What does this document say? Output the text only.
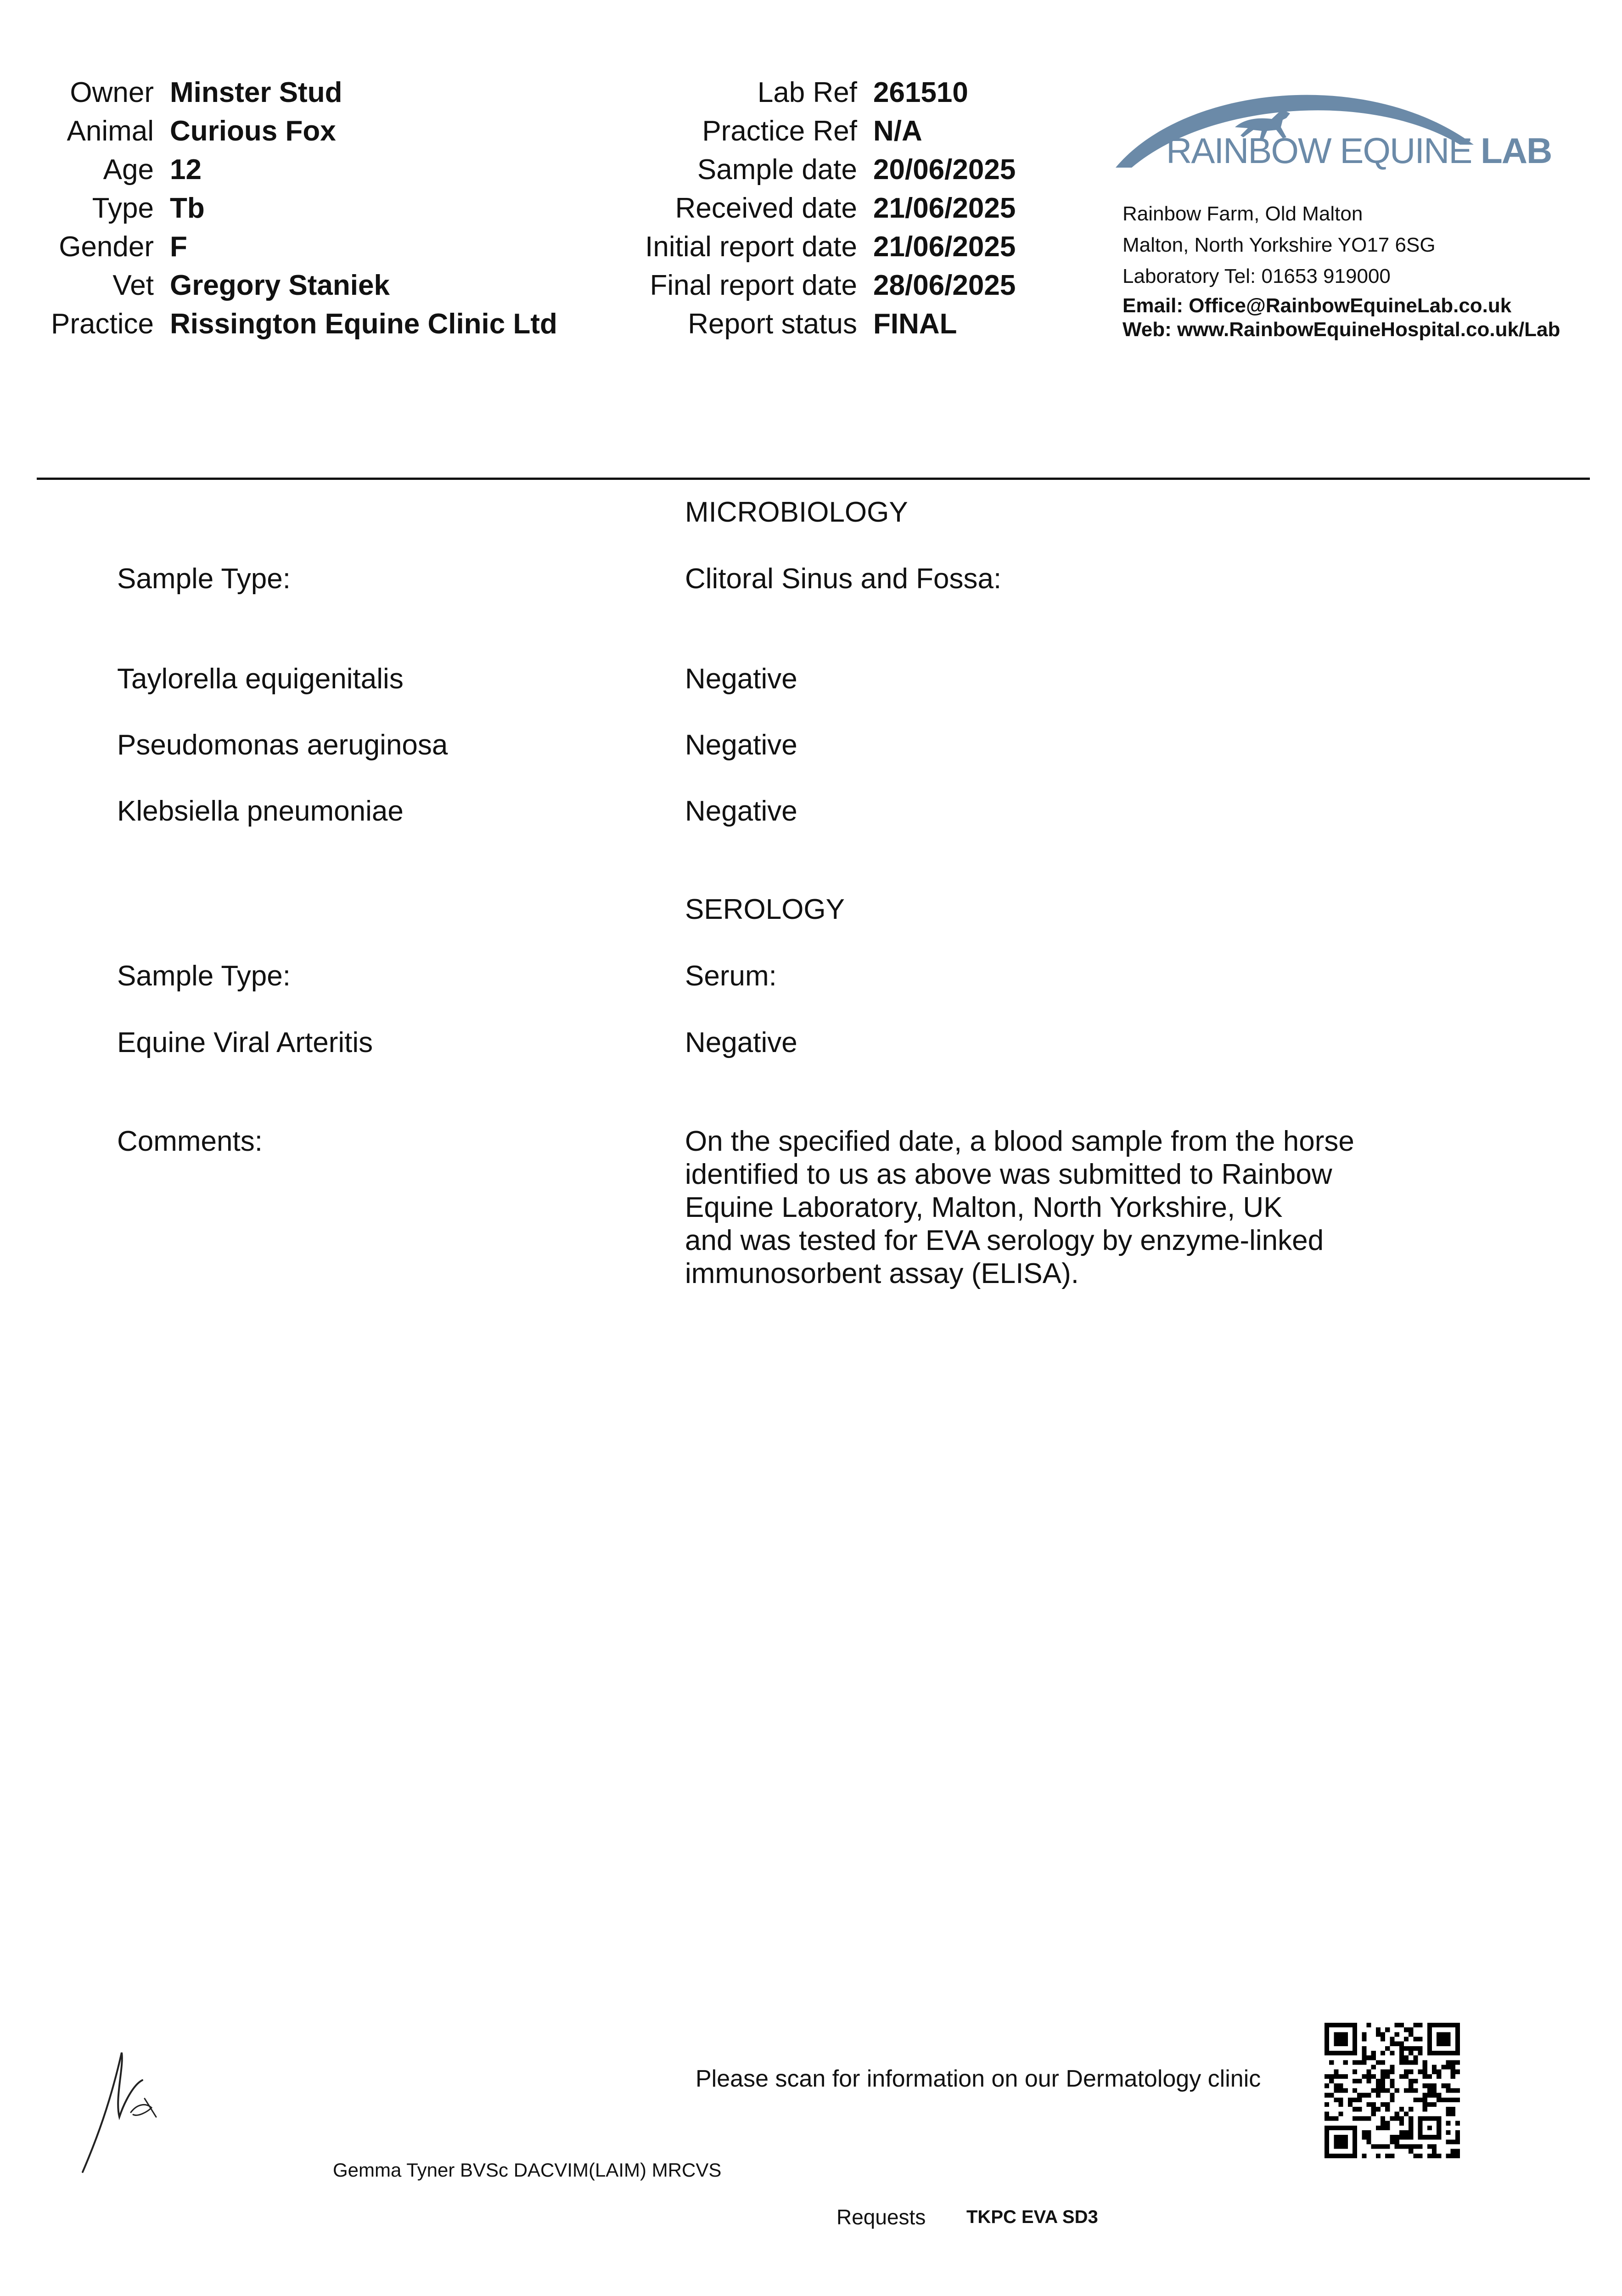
Owner Minster Stud
Animal Curious Fox
Age 12
Type Tb
Gender F
Vet Gregory Staniek
Practice Rissington Equine Clinic Ltd
Lab Ref 261510
Practice Ref N/A
Sample date 20/06/2025
Received date 21/06/2025
Initial report date 21/06/2025
Final report date 28/06/2025
Report status FINAL
RAINBOW EQUINE LAB
Rainbow Farm, Old Malton
Malton, North Yorkshire YO17 6SG
Laboratory Tel: 01653 919000
Email: Office@RainbowEquineLab.co.uk
Web: www.RainbowEquineHospital.co.uk/Lab
MICROBIOLOGY
Sample Type:	Clitoral Sinus and Fossa:
Taylorella equigenitalis	Negative
Pseudomonas aeruginosa	Negative
Klebsiella pneumoniae	Negative
SEROLOGY
Sample Type:	Serum:
Equine Viral Arteritis	Negative
Comments:	On the specified date, a blood sample from the horse
identified to us as above was submitted to Rainbow
Equine Laboratory, Malton, North Yorkshire, UK
and was tested for EVA serology by enzyme-linked
immunosorbent assay (ELISA).
Gemma Tyner BVSc DACVIM(LAIM) MRCVS
Please scan for information on our Dermatology clinic
Requests TKPC EVA SD3
